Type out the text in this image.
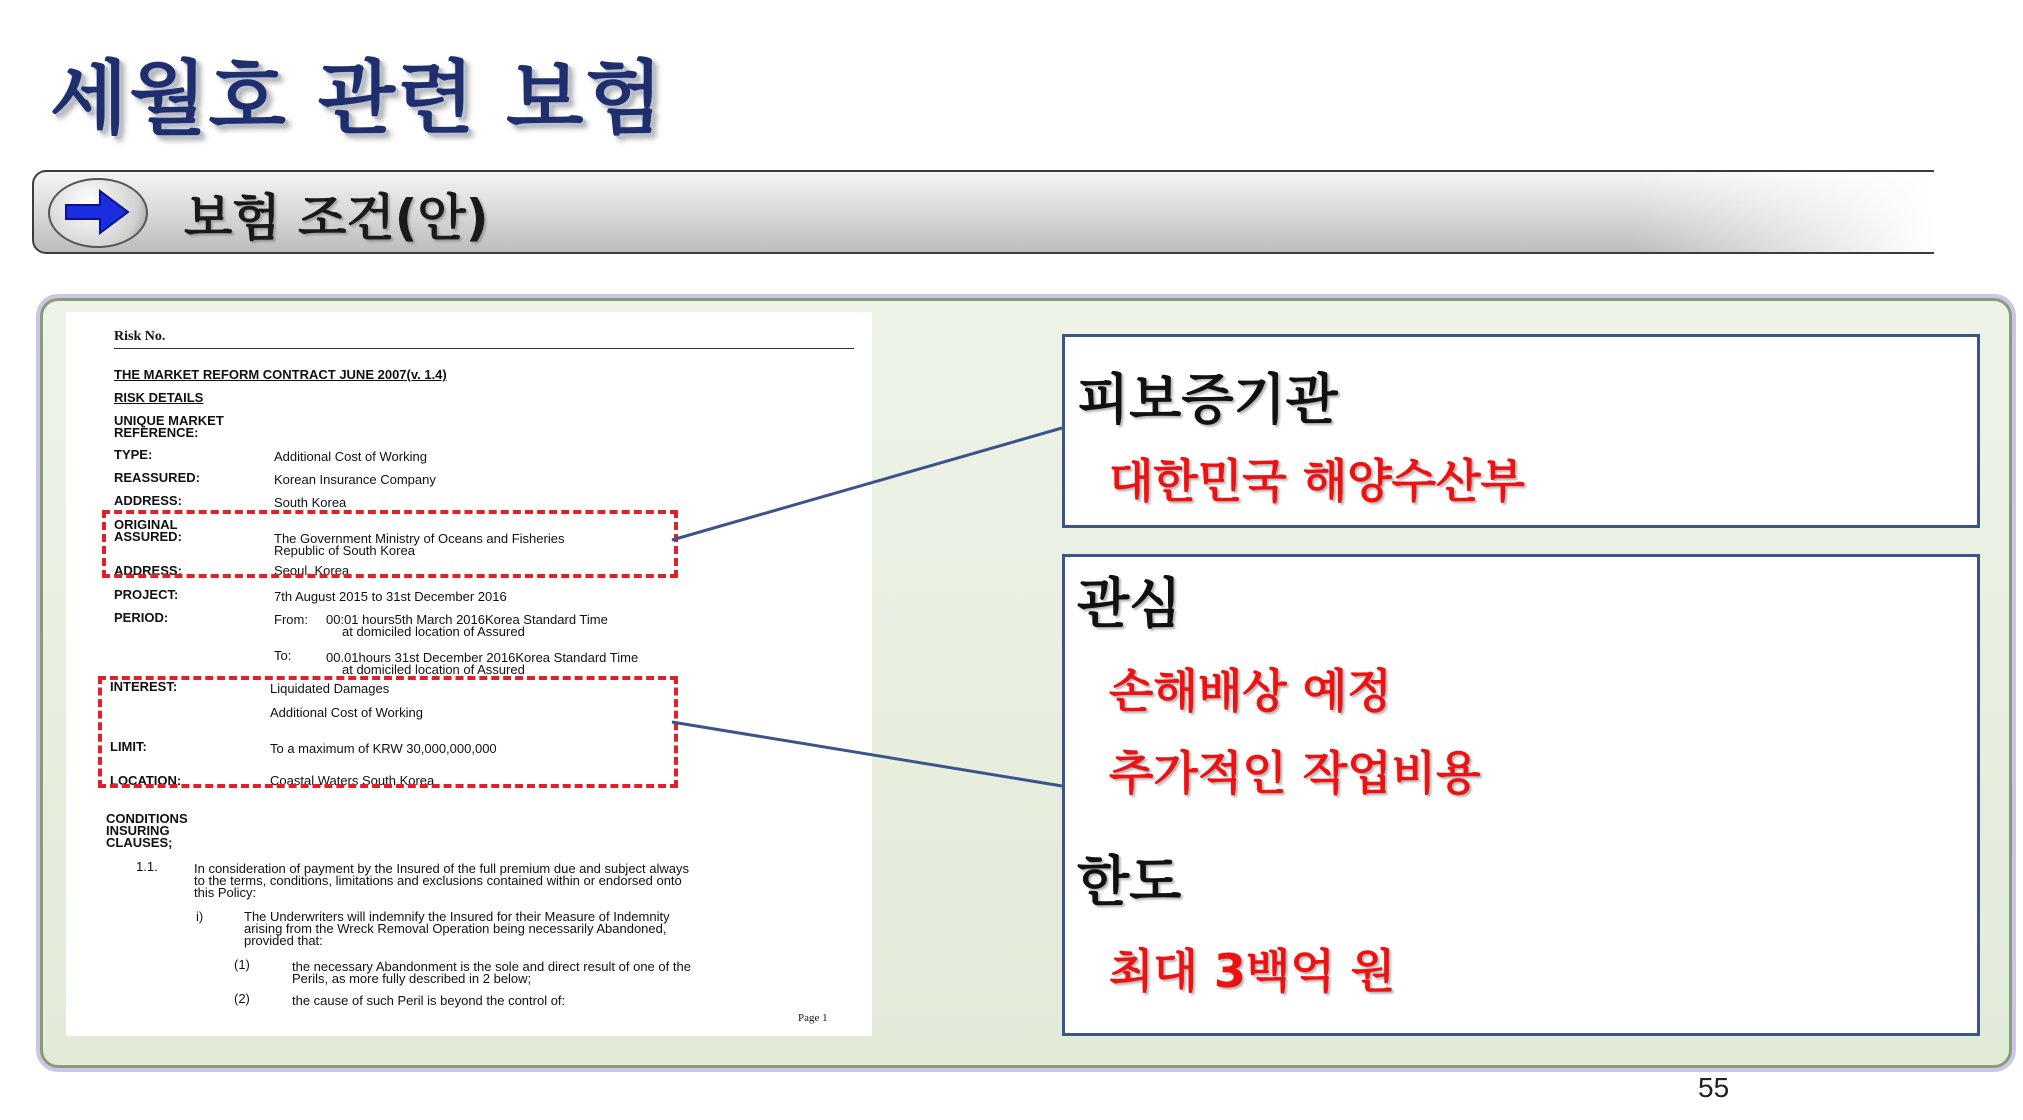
세월호 관련 보험
보험 조건(안)
Risk No.
THE MARKET REFORM CONTRACT JUNE 2007(v. 1.4)
RISK DETAILS
UNIQUE MARKET
REFERENCE:
TYPE:	Additional Cost of Working
REASSURED:	Korean Insurance Company
ADDRESS:	South Korea
ORIGINAL
ASSURED:	The Government Ministry of Oceans and Fisheries
Republic of South Korea
ADDRESS:	Seoul, Korea
PROJECT:	7th August 2015 to 31st December 2016
PERIOD:	From: 00:01 hours5th March 2016Korea Standard Time
at domiciled location of Assured
To:	00.01hours 31st December 2016Korea Standard Time
at domiciled location of Assured
INTEREST:	Liquidated Damages
Additional Cost of Working
LIMIT:	To a maximum of KRW 30,000,000,000
LOCATION:	Coastal Waters South Korea
CONDITIONS
INSURING
CLAUSES;
1.1.	In consideration of payment by the Insured of the full premium due and subject always
to the terms, conditions, limitations and exclusions contained within or endorsed onto
this Policy:
i)	The Underwriters will indemnify the Insured for their Measure of Indemnity
arising from the Wreck Removal Operation being necessarily Abandoned,
provided that:
(1)	the necessary Abandonment is the sole and direct result of one of the
Perils, as more fully described in 2 below;
(2)	the cause of such Peril is beyond the control of:
Page 1
피보증기관
대한민국 해양수산부
관심
손해배상 예정
추가적인 작업비용
한도
최대 3백억 원
55
